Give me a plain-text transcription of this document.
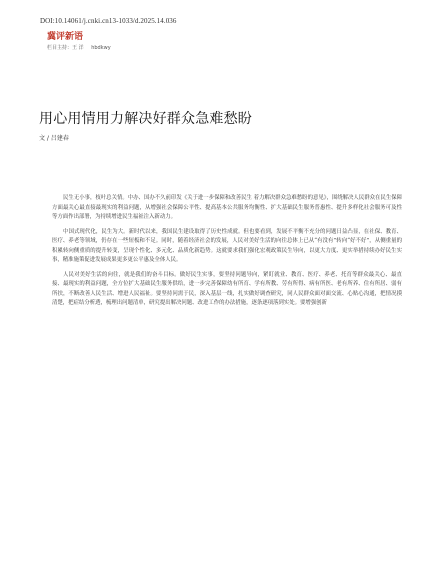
DOI:10.14061/j.cnki.cn13-1033/d.2025.14.036
冀评新语
栏目主持：王 洋 hbdkwy
用心用情用力解决好群众急难愁盼
文 / 吕建春

民生无小事，枝叶总关情。中办、国办不久前印发《关于进一步保障和改善民生 着力解决群众急难愁盼的意见》，围绕解决人民群众在民生保障方面最关心最直接最现实的利益问题，从增强社会保障公平性、提高基本公共服务均衡性、扩大基础民生服务普惠性、提升多样化社会服务可及性等方面作出部署，为持续增进民生福祉注入新动力。

中国式现代化，民生为大。新时代以来，我国民生建设取得了历史性成就。但也要看到，发展不平衡不充分的问题日益凸显，在社保、教育、医疗、养老等领域，仍存在一些短板和不足。同时，随着经济社会的发展，人民对美好生活的向往总体上已从“有没有”转向“好不好”，从侧重量的积累转向侧重质的提升转变，呈现个性化、多元化、品质化新趋势。这就要求我们强化宏观政策民生导向，以更大力度、更实举措持续办好民生实事，精准施策促进发展成果更多更公平惠及全体人民。

人民对美好生活的向往，就是我们的奋斗目标。做好民生实事，要坚持问题导向，紧盯就业、教育、医疗、养老、托育等群众最关心、最直接、最现实的利益问题，全方位扩大基础民生服务供给，进一步完善保障幼有所育、学有所教、劳有所得、病有所医、老有所养、住有所居、弱有所扶，不断改善人民生活、增进人民福祉。要坚持问需于民，深入基层一线，扎实做好调查研究，同人民群众面对面交流、心贴心沟通，把情况摸清楚，把症结分析透，梳理出问题清单，研究提出解决问题、改进工作的办法措施，逐条逐项落到实处。要增强创新
